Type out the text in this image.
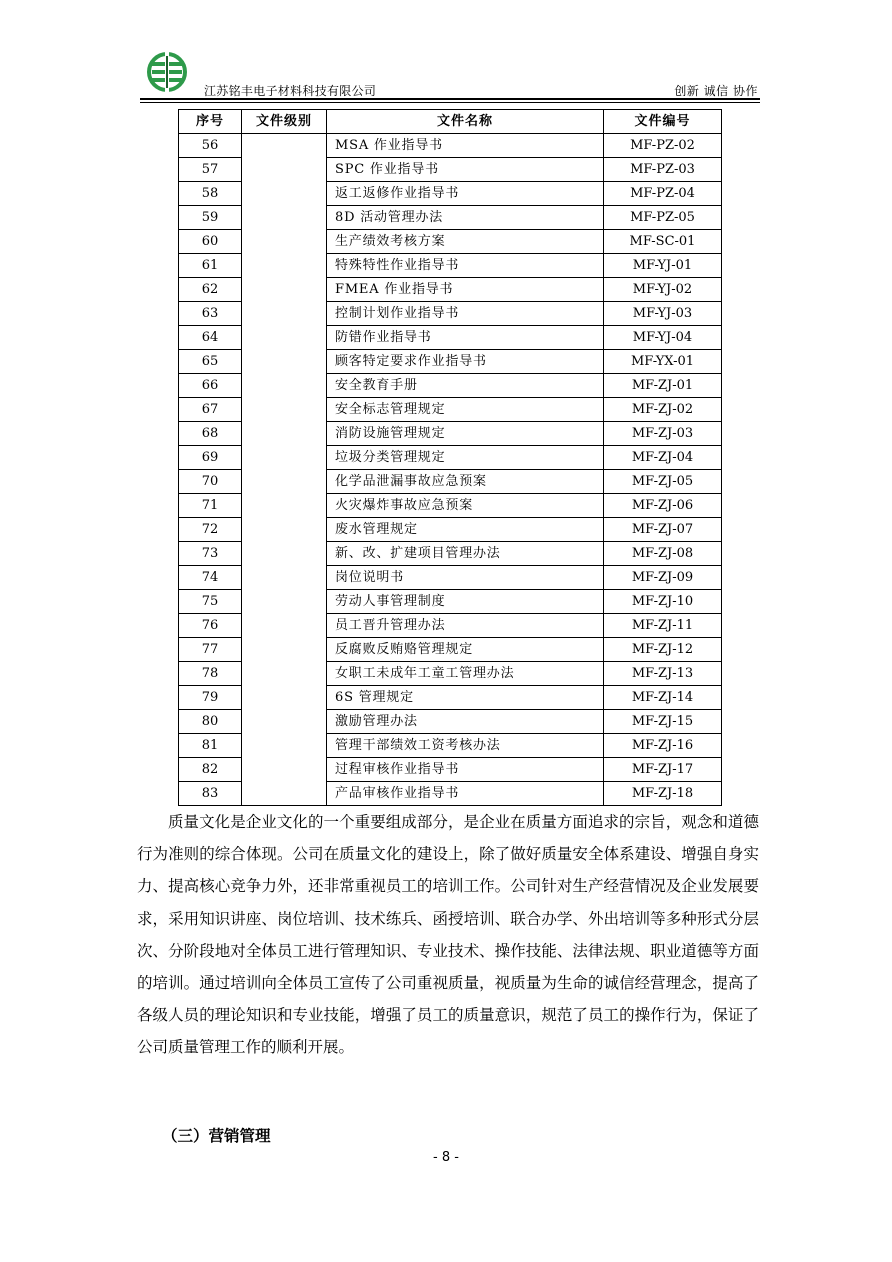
江苏铭丰电子材料科技有限公司	创新 诚信 协作
序号	文件级别	文件名称	文件编号
56		MSA 作业指导书	MF-PZ-02
57		SPC 作业指导书	MF-PZ-03
58		返工返修作业指导书	MF-PZ-04
59		8D 活动管理办法	MF-PZ-05
60		生产绩效考核方案	MF-SC-01
61		特殊特性作业指导书	MF-YJ-01
62		FMEA 作业指导书	MF-YJ-02
63		控制计划作业指导书	MF-YJ-03
64		防错作业指导书	MF-YJ-04
65		顾客特定要求作业指导书	MF-YX-01
66		安全教育手册	MF-ZJ-01
67		安全标志管理规定	MF-ZJ-02
68		消防设施管理规定	MF-ZJ-03
69		垃圾分类管理规定	MF-ZJ-04
70		化学品泄漏事故应急预案	MF-ZJ-05
71		火灾爆炸事故应急预案	MF-ZJ-06
72		废水管理规定	MF-ZJ-07
73		新、改、扩建项目管理办法	MF-ZJ-08
74		岗位说明书	MF-ZJ-09
75		劳动人事管理制度	MF-ZJ-10
76		员工晋升管理办法	MF-ZJ-11
77		反腐败反贿赂管理规定	MF-ZJ-12
78		女职工未成年工童工管理办法	MF-ZJ-13
79		6S 管理规定	MF-ZJ-14
80		激励管理办法	MF-ZJ-15
81		管理干部绩效工资考核办法	MF-ZJ-16
82		过程审核作业指导书	MF-ZJ-17
83		产品审核作业指导书	MF-ZJ-18

质量文化是企业文化的一个重要组成部分，是企业在质量方面追求的宗旨，观念和道德行为准则的综合体现。公司在质量文化的建设上，除了做好质量安全体系建设、增强自身实力、提高核心竞争力外，还非常重视员工的培训工作。公司针对生产经营情况及企业发展要求，采用知识讲座、岗位培训、技术练兵、函授培训、联合办学、外出培训等多种形式分层次、分阶段地对全体员工进行管理知识、专业技术、操作技能、法律法规、职业道德等方面的培训。通过培训向全体员工宣传了公司重视质量，视质量为生命的诚信经营理念，提高了各级人员的理论知识和专业技能，增强了员工的质量意识，规范了员工的操作行为，保证了公司质量管理工作的顺利开展。

（三）营销管理

- 8 -
